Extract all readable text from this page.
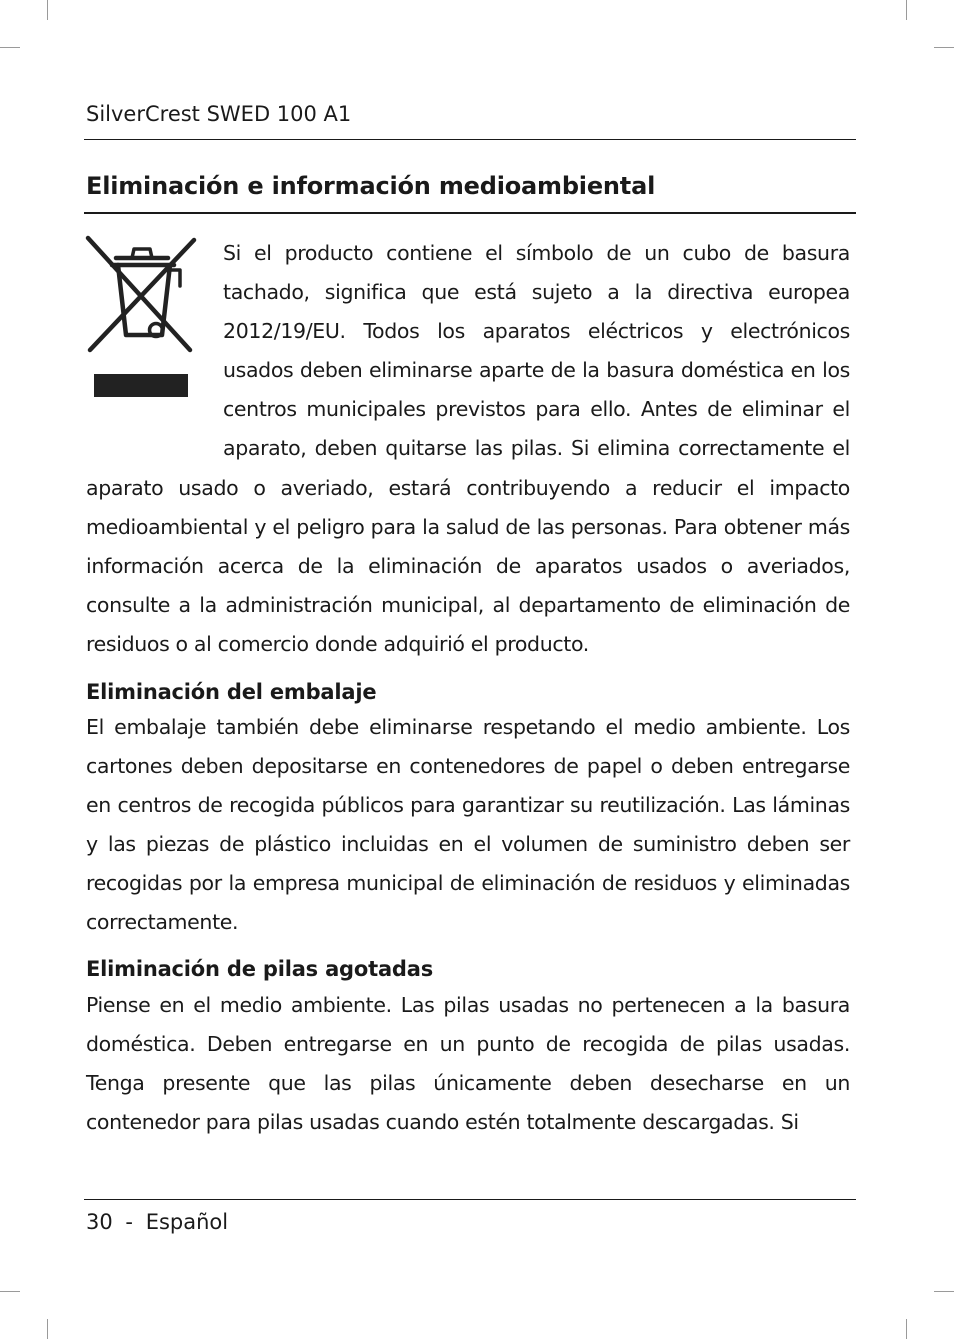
SilverCrest SWED 100 A1
Eliminación e información medioambiental

Si el producto contiene el símbolo de un cubo de basura tachado, significa que está sujeto a la directiva europea 2012/19/EU. Todos los aparatos eléctricos y electrónicos usados deben eliminarse aparte de la basura doméstica en los centros municipales previstos para ello. Antes de eliminar el aparato, deben quitarse las pilas. Si elimina correctamente el aparato usado o averiado, estará contribuyendo a reducir el impacto medioambiental y el peligro para la salud de las personas. Para obtener más información acerca de la eliminación de aparatos usados o averiados, consulte a la administración municipal, al departamento de eliminación de residuos o al comercio donde adquirió el producto.

Eliminación del embalaje

El embalaje también debe eliminarse respetando el medio ambiente. Los cartones deben depositarse en contenedores de papel o deben entregarse en centros de recogida públicos para garantizar su reutilización. Las láminas y las piezas de plástico incluidas en el volumen de suministro deben ser recogidas por la empresa municipal de eliminación de residuos y eliminadas correctamente.

Eliminación de pilas agotadas

Piense en el medio ambiente. Las pilas usadas no pertenecen a la basura doméstica. Deben entregarse en un punto de recogida de pilas usadas. Tenga presente que las pilas únicamente deben desecharse en un contenedor para pilas usadas cuando estén totalmente descargadas. Si

30 - Español
